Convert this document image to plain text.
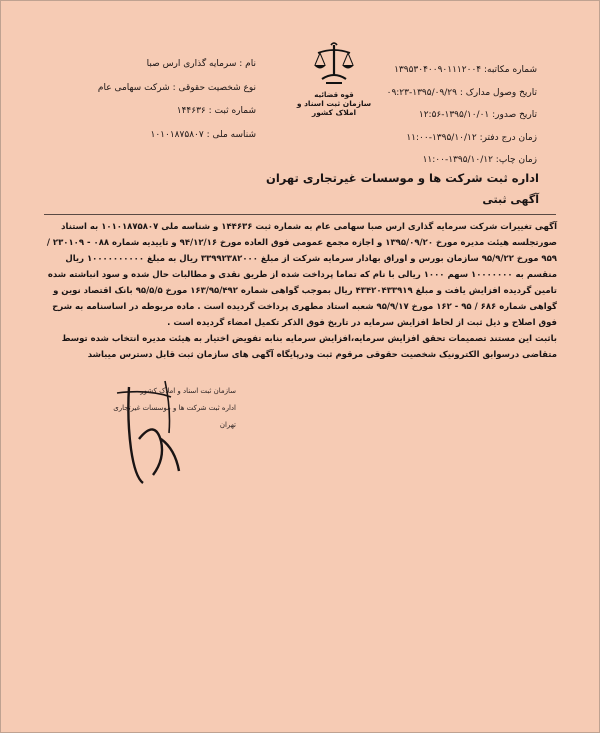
شماره مکاتبه: ۱۳۹۵۳۰۴۰۰۹۰۱۱۱۲۰۰۴
تاریخ وصول مدارک : ۱۳۹۵/۰۹/۲۹-۰۹:۲۳
تاریخ صدور: ۱۳۹۵/۱۰/۰۱-۱۲:۵۶
زمان درج دفتر: ۱۳۹۵/۱۰/۱۲-۱۱:۰۰
زمان چاپ: ۱۳۹۵/۱۰/۱۲-۱۱:۰۰
قوه قضائیه
سازمان ثبت اسناد و املاک کشور
نام : سرمایه گذاری ارس صبا
نوع شخصیت حقوقی : شرکت سهامی عام
شماره ثبت : ۱۴۴۶۳۶
شناسه ملی : ۱۰۱۰۱۸۷۵۸۰۷
اداره ثبت شرکت ها و موسسات غیرتجاری تهران
آگهی ثبتی

آگهی تغییرات شرکت سرمایه گذاری ارس صبا سهامی عام به شماره ثبت ۱۴۴۶۳۶ و شناسه ملی ۱۰۱۰۱۸۷۵۸۰۷ به استناد صورتجلسه هیئت مدیره مورخ ۱۳۹۵/۰۹/۲۰ و اجازه مجمع عمومی فوق العاده مورخ ۹۴/۱۲/۱۶ و تاییدیه شماره ۰۸۸ - ۲۳۰۱۰۹ / ۹۵۹ مورخ ۹۵/۹/۲۲ سازمان بورس و اوراق بهادار سرمایه شرکت از مبلغ ۳۳۹۹۲۳۸۲۰۰۰ ریال به مبلغ ۱۰۰۰۰۰۰۰۰۰۰ ریال منقسم به ۱۰۰۰۰۰۰۰ سهم ۱۰۰۰ ریالی با نام که تماما پرداخت شده از طریق نقدی و مطالبات حال شده و سود انباشته شده تامین گردیده افزایش یافت و مبلغ ۴۳۴۲۰۴۳۳۹۱۹ ریال بموجب گواهی شماره ۱۶۳/۹۵/۴۹۲ مورخ ۹۵/۵/۵ بانک اقتصاد نوین و گواهی شماره ۶۸۶ / ۹۵ - ۱۶۲ مورخ ۹۵/۹/۱۷ شعبه استاد مطهری پرداخت گردیده است . ماده مربوطه در اساسنامه به شرح فوق اصلاح و ذیل ثبت از لحاظ افزایش سرمایه در تاریخ فوق الذکر تکمیل امضاء گردیده است .

باثبت این مستند تصمیمات تحقق افزایش سرمایه،افزایش سرمایه بنابه تفویض اختیار به هیئت مدیره انتخاب شده توسط متقاضی درسوابق الکترونیک شخصیت حقوقی مرقوم ثبت ودرپایگاه آگهی های سازمان ثبت قابل دسترس میباشد

سازمان ثبت اسناد و املاک کشور
اداره ثبت شرکت ها و موسسات غیرتجاری تهران
